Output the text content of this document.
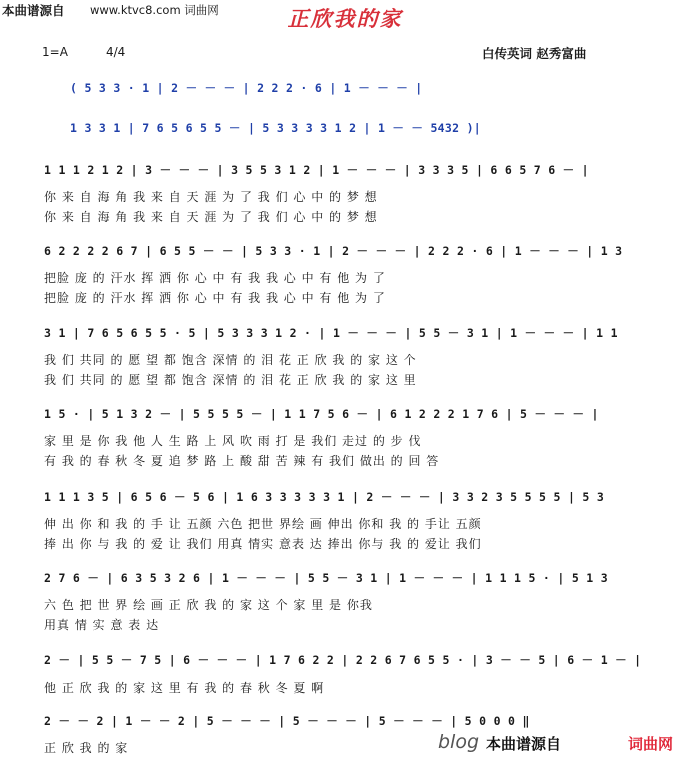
本曲谱源自 www.ktvc8.com 词曲网	正欣我的家
1=A	4/4	白传英词 赵秀富曲
( 5 3 3 · 1 | 2 － － － | 2 2 2 · 6 | 1 － － － |
1 3 3 1 | 7 6 5 6 5 5 － | 5 3 3 3 3 1 2 | 1 － － 5432 )|
1 1 1 2 1 2 | 3 － － － | 3 5 5 3 1 2 | 1 － － － | 3 3 3 5 | 6 6 5 7 6 － |
你 来 自 海 角 我 来 自 天 涯 为 了 我 们 心 中 的 梦 想
你 来 自 海 角 我 来 自 天 涯 为 了 我 们 心 中 的 梦 想
6 2 2 2 2 6 7 | 6 5 5 － － | 5 3 3 · 1 | 2 － － － | 2 2 2 · 6 | 1 － － － | 1 3
把脸 庞 的 汗水 挥 洒 你 心 中 有 我 我 心 中 有 他 为 了
把脸 庞 的 汗水 挥 洒 你 心 中 有 我 我 心 中 有 他 为 了
3 1 | 7 6 5 6 5 5 · 5 | 5 3 3 3 1 2 · | 1 － － － | 5 5 － 3 1 | 1 － － － | 1 1
我 们 共同 的 愿 望 都 饱含 深情 的 泪 花 正 欣 我 的 家 这 个
我 们 共同 的 愿 望 都 饱含 深情 的 泪 花 正 欣 我 的 家 这 里
1 5 · | 5 1 3 2 － | 5 5 5 5 － | 1 1 7 5 6 － | 6 1 2 2 2 1 7 6 | 5 － － － |
家 里 是 你 我 他 人 生 路 上 风 吹 雨 打 是 我们 走过 的 步 伐
有 我 的 春 秋 冬 夏 追 梦 路 上 酸 甜 苦 辣 有 我们 做出 的 回 答
1 1 1 3 5 | 6 5 6 － 5 6 | 1 6 3 3 3 3 3 1 | 2 － － － | 3 3 2 3 5 5 5 5 | 5 3
伸 出 你 和 我 的 手 让 五颜 六色 把世 界绘 画 伸出 你和 我 的 手让 五颜
捧 出 你 与 我 的 爱 让 我们 用真 情实 意表 达 捧出 你与 我 的 爱让 我们
2 7 6 － | 6 3 5 3 2 6 | 1 － － － | 5 5 － 3 1 | 1 － － － | 1 1 1 5 · | 5 1 3
六 色 把 世 界 绘 画 正 欣 我 的 家 这 个 家 里 是 你我
用真 情 实 意 表 达
2 － | 5 5 － 7 5 | 6 － － － | 1 7 6 2 2 | 2 2 6 7 6 5 5 · | 3 － － 5 | 6 － 1 － |
他 正 欣 我 的 家 这 里 有 我 的 春 秋 冬 夏 啊
2 － － 2 | 1 － － 2 | 5 － － － | 5 － － － | 5 － － － | 5 0 0 0 ‖
正 欣 我 的 家	blog 本曲谱源自	词曲网
